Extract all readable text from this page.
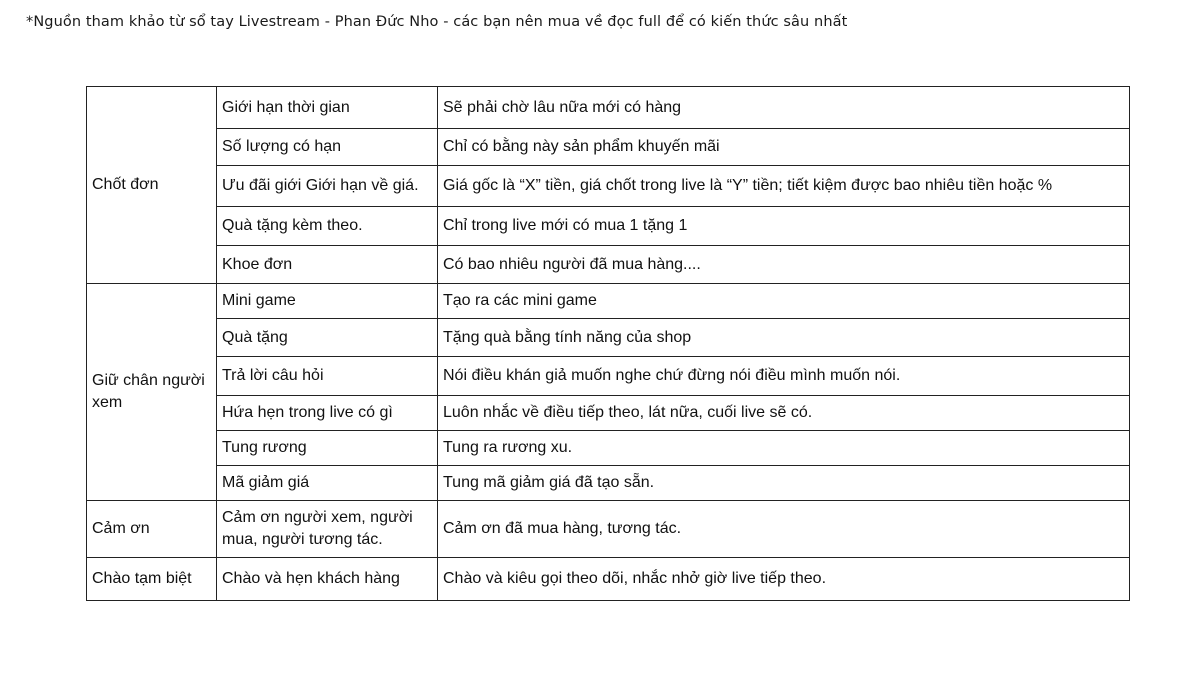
*Nguồn tham khảo từ sổ tay Livestream - Phan Đức Nho - các bạn nên mua về đọc full để có kiến thức sâu nhất
Chốt đơn	Giới hạn thời gian	Sẽ phải chờ lâu nữa mới có hàng
	Số lượng có hạn	Chỉ có bằng này sản phẩm khuyến mãi
	Ưu đãi giới Giới hạn về giá.	Giá gốc là “X” tiền, giá chốt trong live là “Y” tiền; tiết kiệm được bao nhiêu tiền hoặc %
	Quà tặng kèm theo.	Chỉ trong live mới có mua 1 tặng 1
	Khoe đơn	Có bao nhiêu người đã mua hàng....
Giữ chân người xem	Mini game	Tạo ra các mini game
	Quà tặng	Tặng quà bằng tính năng của shop
	Trả lời câu hỏi	Nói điều khán giả muốn nghe chứ đừng nói điều mình muốn nói.
	Hứa hẹn trong live có gì	Luôn nhắc về điều tiếp theo, lát nữa, cuối live sẽ có.
	Tung rương	Tung ra rương xu.
	Mã giảm giá	Tung mã giảm giá đã tạo sẵn.
Cảm ơn	Cảm ơn người xem, người mua, người tương tác.	Cảm ơn đã mua hàng, tương tác.
Chào tạm biệt	Chào và hẹn khách hàng	Chào và kiêu gọi theo dõi, nhắc nhở giờ live tiếp theo.
